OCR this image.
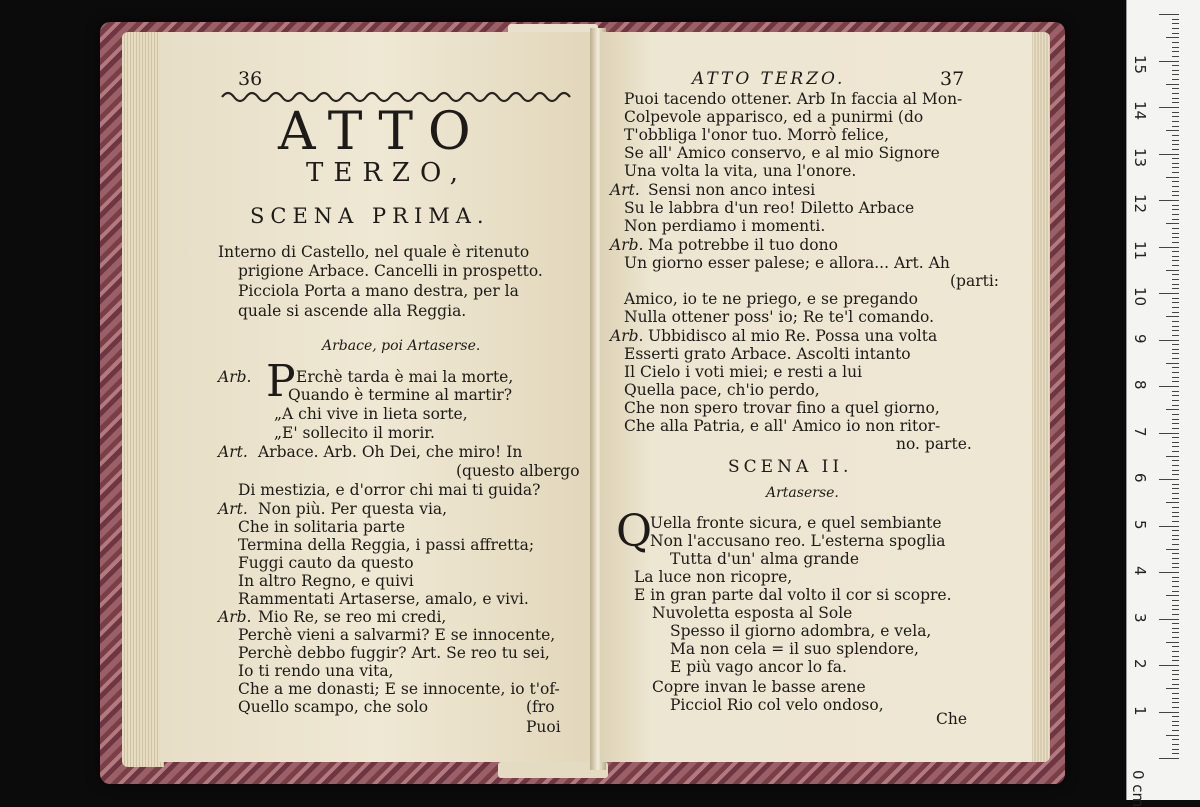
36
ATTO
TERZO,
SCENA PRIMA.
Interno di Castello, nel quale è ritenuto
prigione Arbace. Cancelli in prospetto.
Picciola Porta a mano destra, per la
quale si ascende alla Reggia.
Arbace, poi Artaserse.
P
Arb.	Erchè tarda è mai la morte,
Quando è termine al martir?
„A chi vive in lieta sorte,
„E' sollecito il morir.
Art. Arbace. Arb. Oh Dei, che miro! In
(questo albergo
Di mestizia, e d'orror chi mai ti guida?
Art. Non più. Per questa via,
Che in solitaria parte
Termina della Reggia, i passi affretta;
Fuggi cauto da questo
In altro Regno, e quivi
Rammentati Artaserse, amalo, e vivi.
Arb. Mio Re, se reo mi credi,
Perchè vieni a salvarmi? E se innocente,
Perchè debbo fuggir? Art. Se reo tu sei,
Io ti rendo una vita,
Che a me donasti; E se innocente, io t'of-
Quello scampo, che solo	(fro
Puoi
ATTO TERZO.	37
Puoi tacendo ottener. Arb In faccia al Mon-
Colpevole apparisco, ed a punirmi (do
T'obbliga l'onor tuo. Morrò felice,
Se all' Amico conservo, e al mio Signore
Una volta la vita, una l'onore.
Art. Sensi non anco intesi
Su le labbra d'un reo! Diletto Arbace
Non perdiamo i momenti.
Arb. Ma potrebbe il tuo dono
Un giorno esser palese; e allora... Art. Ah
(parti:
Amico, io te ne priego, e se pregando
Nulla ottener poss' io; Re te'l comando.
Arb. Ubbidisco al mio Re. Possa una volta
Esserti grato Arbace. Ascolti intanto
Il Cielo i voti miei; e resti a lui
Quella pace, ch'io perdo,
Che non spero trovar fino a quel giorno,
Che alla Patria, e all' Amico io non ritor-
no. parte.
SCENA II.
Artaserse.
Q
Uella fronte sicura, e quel sembiante
Non l'accusano reo. L'esterna spoglia
Tutta d'un' alma grande
La luce non ricopre,
E in gran parte dal volto il cor si scopre.
Nuvoletta esposta al Sole
Spesso il giorno adombra, e vela,
Ma non cela = il suo splendore,
E più vago ancor lo fa.
Copre invan le basse arene
Picciol Rio col velo ondoso,
Che
0 cm
1
2
3
4
5
6
7
8
9
10
11
12
13
14
15
